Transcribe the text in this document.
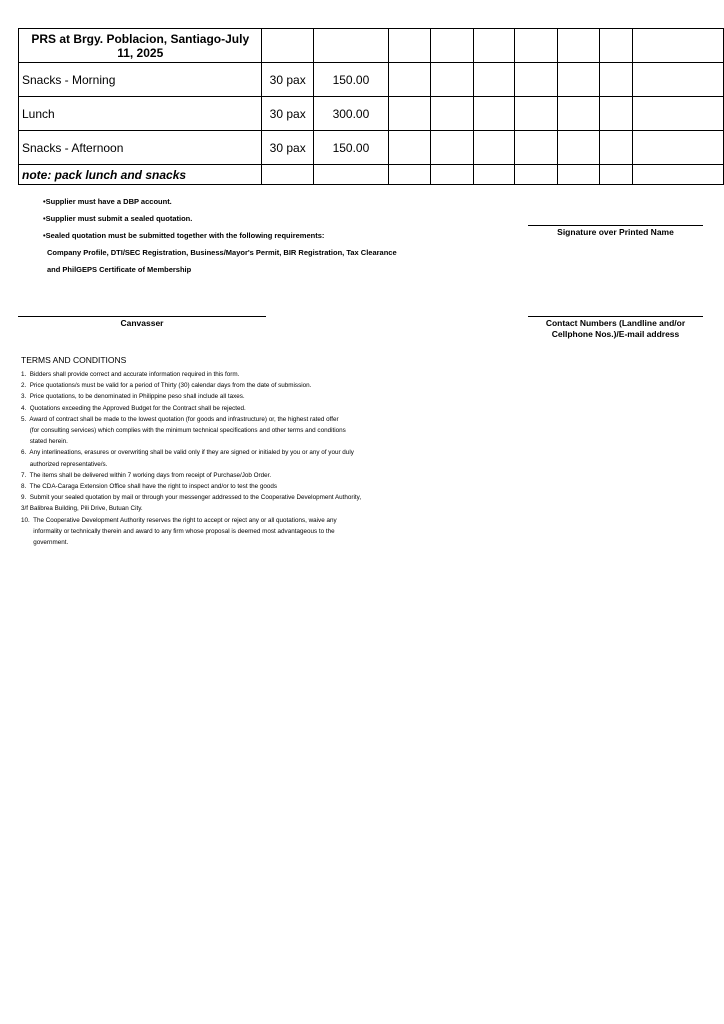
PRS at Brgy. Poblacion, Santiago-July 11, 2025									
Snacks - Morning	30 pax	150.00							
Lunch	30 pax	300.00							
Snacks - Afternoon	30 pax	150.00							
note: pack lunch and snacks									
•Supplier must have a DBP account.
•Supplier must submit a sealed quotation.
•Sealed quotation must be submitted together with the following requirements:
Company Profile, DTI/SEC Registration, Business/Mayor's Permit, BIR Registration, Tax Clearance
and PhilGEPS Certificate of Membership
Signature over Printed Name
Canvasser	Contact Numbers (Landline and/or
Cellphone Nos.)/E-mail address
TERMS AND CONDITIONS
1.  Bidders shall provide correct and accurate information required in this form.
2.  Price quotations/s must be valid for a period of Thirty (30) calendar days from the date of submission.
3.  Price quotations, to be denominated in Philippine peso shall include all taxes.
4.  Quotations exceeding the Approved Budget for the Contract shall be rejected.
5.  Award of contract shall be made to the lowest quotation (for goods and infrastructure) or, the highest rated offer
(for consulting services) which complies with the minimum technical specifications and other terms and conditions
stated herein.
6.  Any interlineations, erasures or overwriting shall be valid only if they are signed or initialed by you or any of your duly
authorized representative/s.
7.  The items shall be delivered within 7 working days from receipt of Purchase/Job Order.
8.  The CDA-Caraga Extension Office shall have the right to inspect and/or to test the goods
9.  Submit your sealed quotation by mail or through your messenger addressed to the Cooperative Development Authority,
3/f Balibrea Building, Pili Drive, Butuan City.
10.  The Cooperative Development Authority reserves the right to accept or reject any or all quotations, waive any
informality or technically therein and award to any firm whose proposal is deemed most advantageous to the
government.
